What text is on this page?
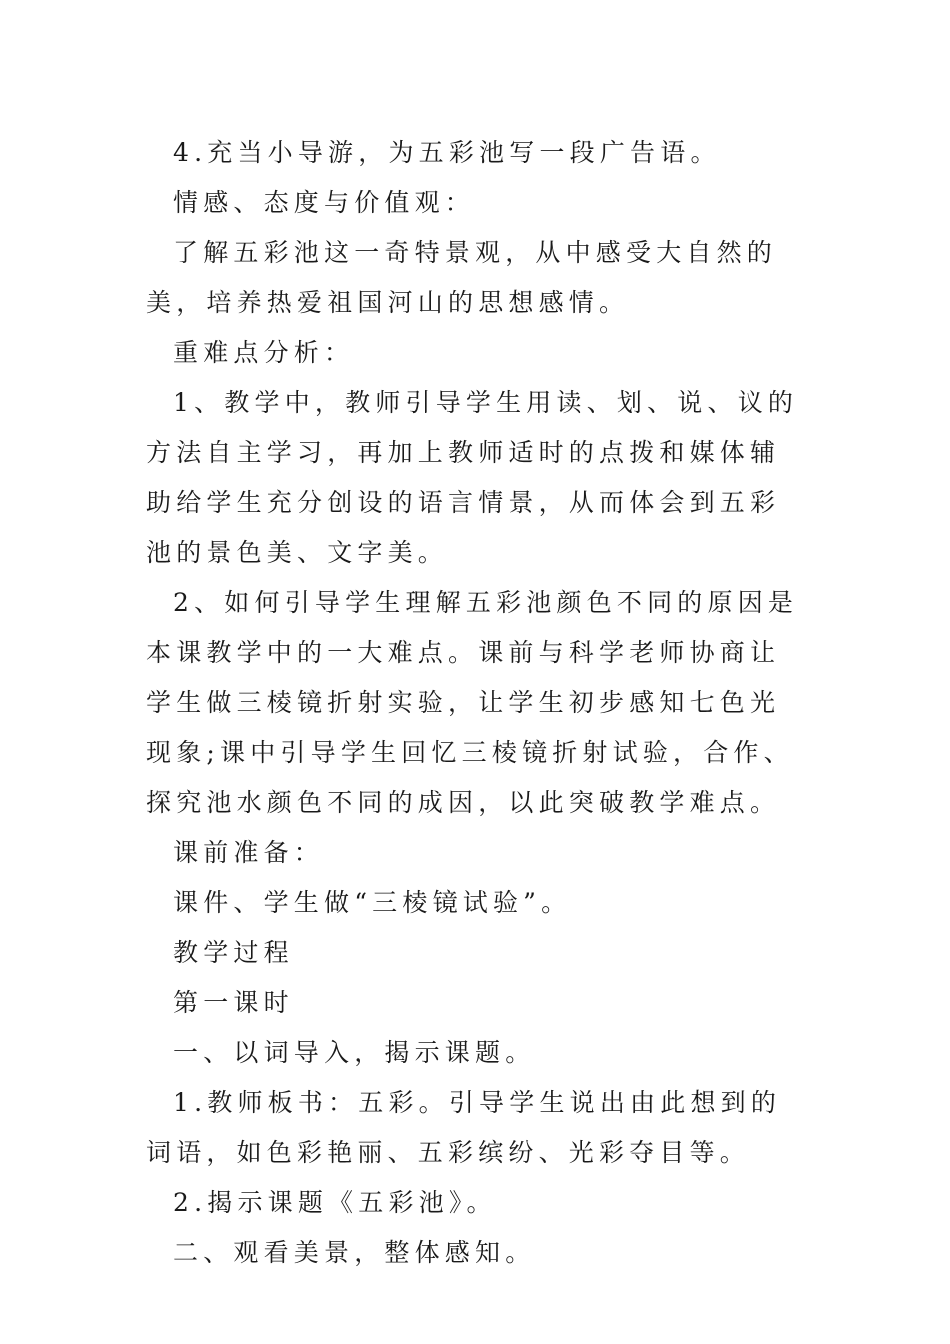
4.充当小导游，为五彩池写一段广告语。

情感、态度与价值观：

了解五彩池这一奇特景观，从中感受大自然的美，培养热爱祖国河山的思想感情。

重难点分析：

1、教学中，教师引导学生用读、划、说、议的方法自主学习，再加上教师适时的点拨和媒体辅助给学生充分创设的语言情景，从而体会到五彩池的景色美、文字美。

2、如何引导学生理解五彩池颜色不同的原因是本课教学中的一大难点。课前与科学老师协商让学生做三棱镜折射实验，让学生初步感知七色光现象;课中引导学生回忆三棱镜折射试验，合作、探究池水颜色不同的成因，以此突破教学难点。

课前准备：

课件、学生做“三棱镜试验”。

教学过程

第一课时

一、以词导入，揭示课题。

1.教师板书：五彩。引导学生说出由此想到的词语，如色彩艳丽、五彩缤纷、光彩夺目等。

2.揭示课题《五彩池》。

二、观看美景，整体感知。
